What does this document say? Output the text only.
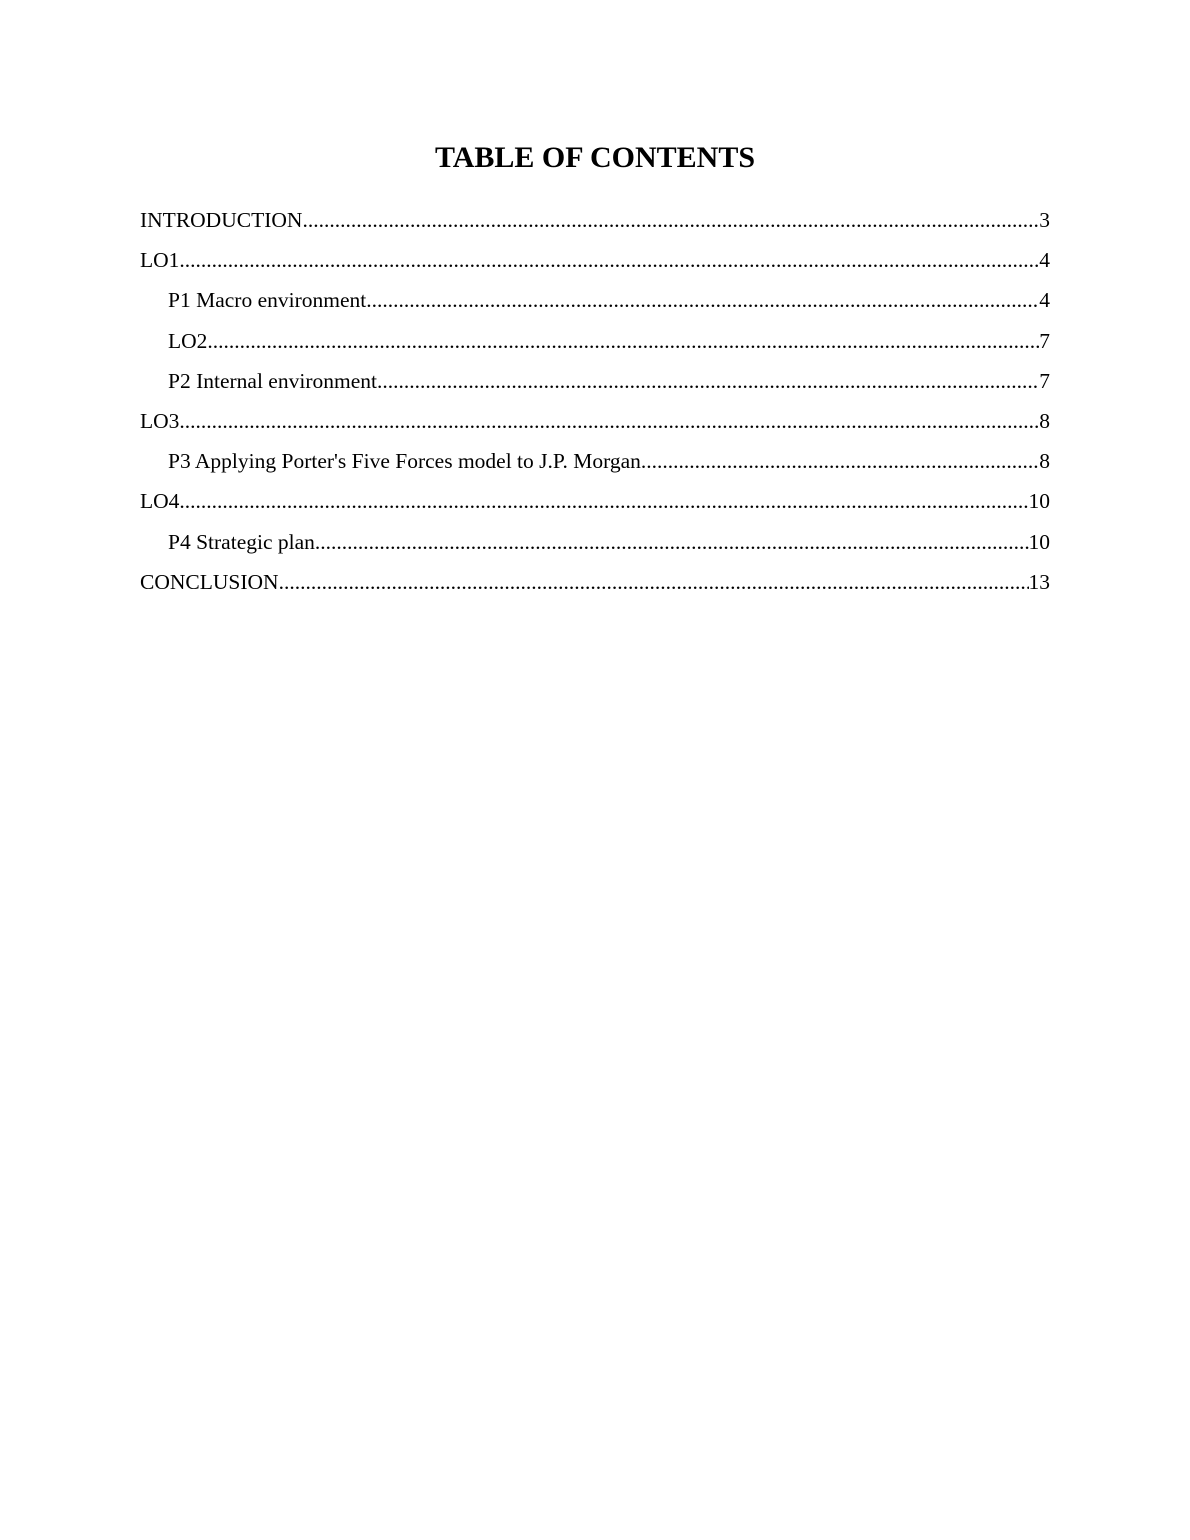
TABLE OF CONTENTS
INTRODUCTION .....	3
LO1 .....	4
P1 Macro environment .....	4
LO2 .....	7
P2 Internal environment .....	7
LO3 .....	8
P3 Applying Porter's Five Forces model to J.P. Morgan .....	8
LO4 .....	10
P4 Strategic plan .....	10
CONCLUSION .....	13
